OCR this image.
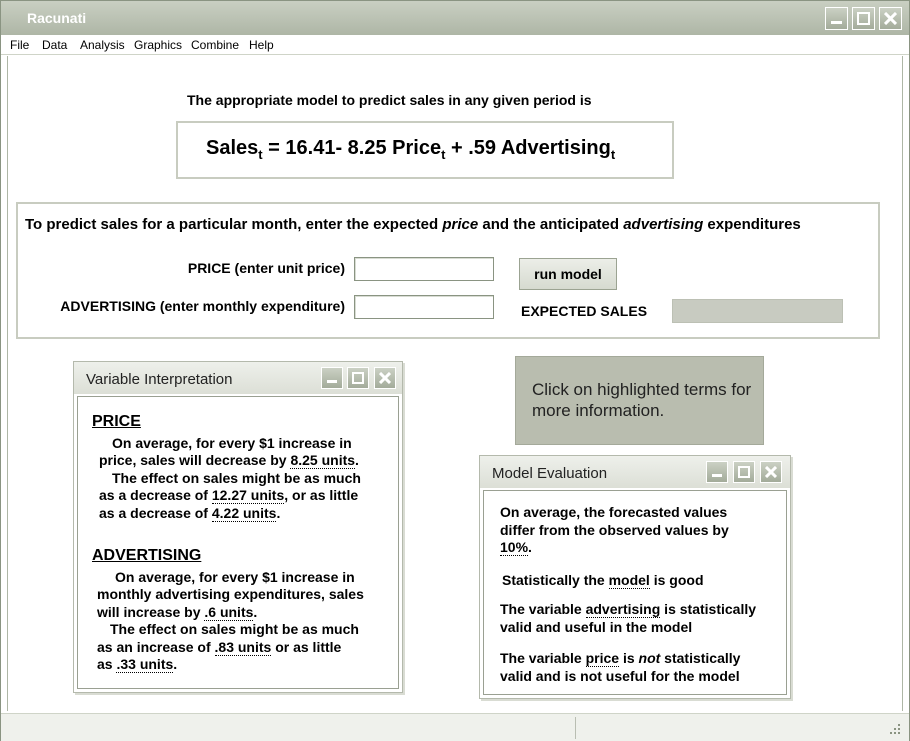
Racunati
File Data Analysis Graphics Combine Help
The appropriate model to predict sales in any given period is
Sales$_t$ = 16.41- 8.25 Price$_t$ + .59 Advertising$_t$
To predict sales for a particular month, enter the expected price and the anticipated advertising expenditures
PRICE (enter unit price)
ADVERTISING (enter monthly expenditure)
run model
EXPECTED SALES
Click on highlighted terms for more information.
Variable Interpretation
PRICE
On average, for every $1 increase in
price, sales will decrease by 8.25 units.
The effect on sales might be as much
as a decrease of 12.27 units, or as little
as a decrease of 4.22 units.
ADVERTISING
On average, for every $1 increase in
monthly advertising expenditures, sales
will increase by .6 units.
The effect on sales might be as much
as an increase of .83 units or as little
as .33 units.
Model Evaluation
On average, the forecasted values
differ from the observed values by
10%.
Statistically the model is good
The variable advertising is statistically
valid and useful in the model
The variable price is not statistically
valid and is not useful for the model
